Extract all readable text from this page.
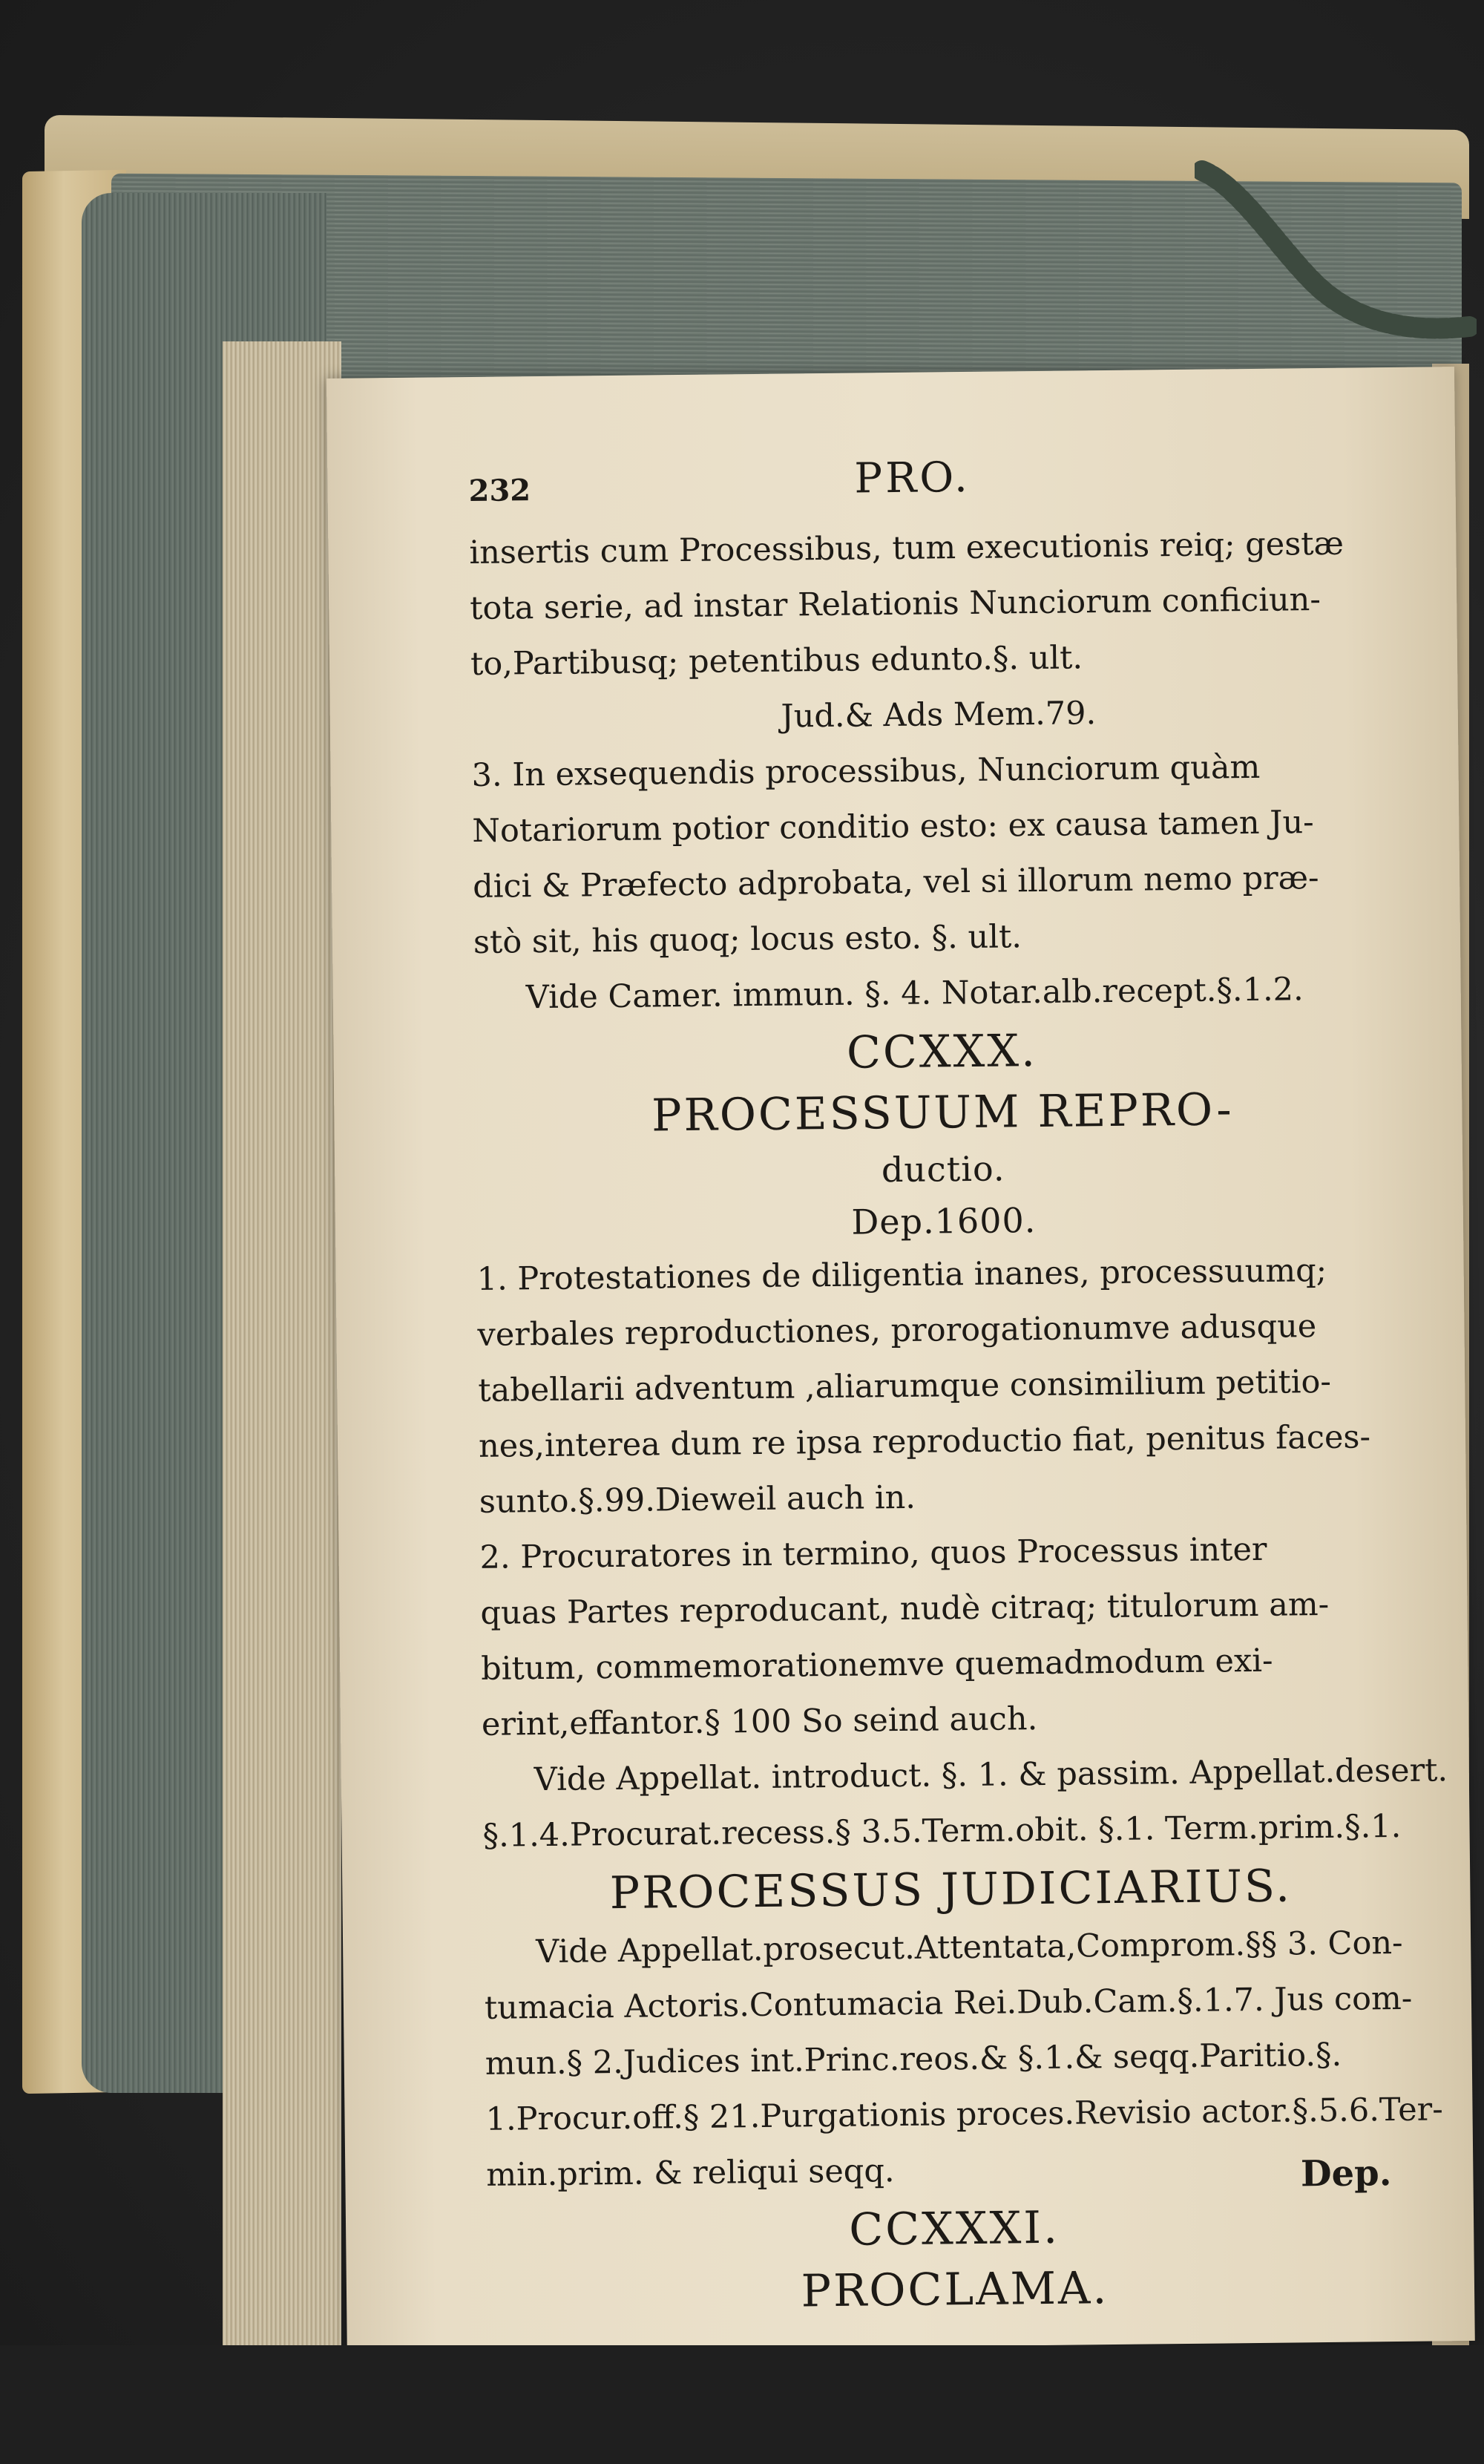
232	PRO.
insertis cum Processibus, tum executionis reiq; gestæ
tota serie, ad instar Relationis Nunciorum conficiun-
to,Partibusq; petentibus edunto.§. ult.
Jud.& Ads Mem.79.
3. In exsequendis processibus, Nunciorum quàm
Notariorum potior conditio esto: ex causa tamen Ju-
dici & Præfecto adprobata, vel si illorum nemo præ-
stò sit, his quoq; locus esto. §. ult.
Vide Camer. immun. §. 4. Notar.alb.recept.§.1.2.
CCXXX.
PROCESSUUM REPRO-
ductio.
Dep.1600.
1. Protestationes de diligentia inanes, processuumq;
verbales reproductiones, prorogationumve adusque
tabellarii adventum ,aliarumque consimilium petitio-
nes,interea dum re ipsa reproductio fiat, penitus faces-
sunto.§.99.Dieweil auch in.
2. Procuratores in termino, quos Processus inter
quas Partes reproducant, nudè citraq; titulorum am-
bitum, commemorationemve quemadmodum exi-
erint,effantor.§ 100 So seind auch.
Vide Appellat. introduct. §. 1. & passim. Appellat.desert.
§.1.4.Procurat.recess.§ 3.5.Term.obit. §.1. Term.prim.§.1.
PROCESSUS JUDICIARIUS.
Vide Appellat.prosecut.Attentata,Comprom.§§ 3. Con-
tumacia Actoris.Contumacia Rei.Dub.Cam.§.1.7. Jus com-
mun.§ 2.Judices int.Princ.reos.& §.1.& seqq.Paritio.§.
1.Procur.off.§ 21.Purgationis proces.Revisio actor.§.5.6.Ter-
min.prim. & reliqui seqq.
CCXXXI.
PROCLAMA.
Dep.
